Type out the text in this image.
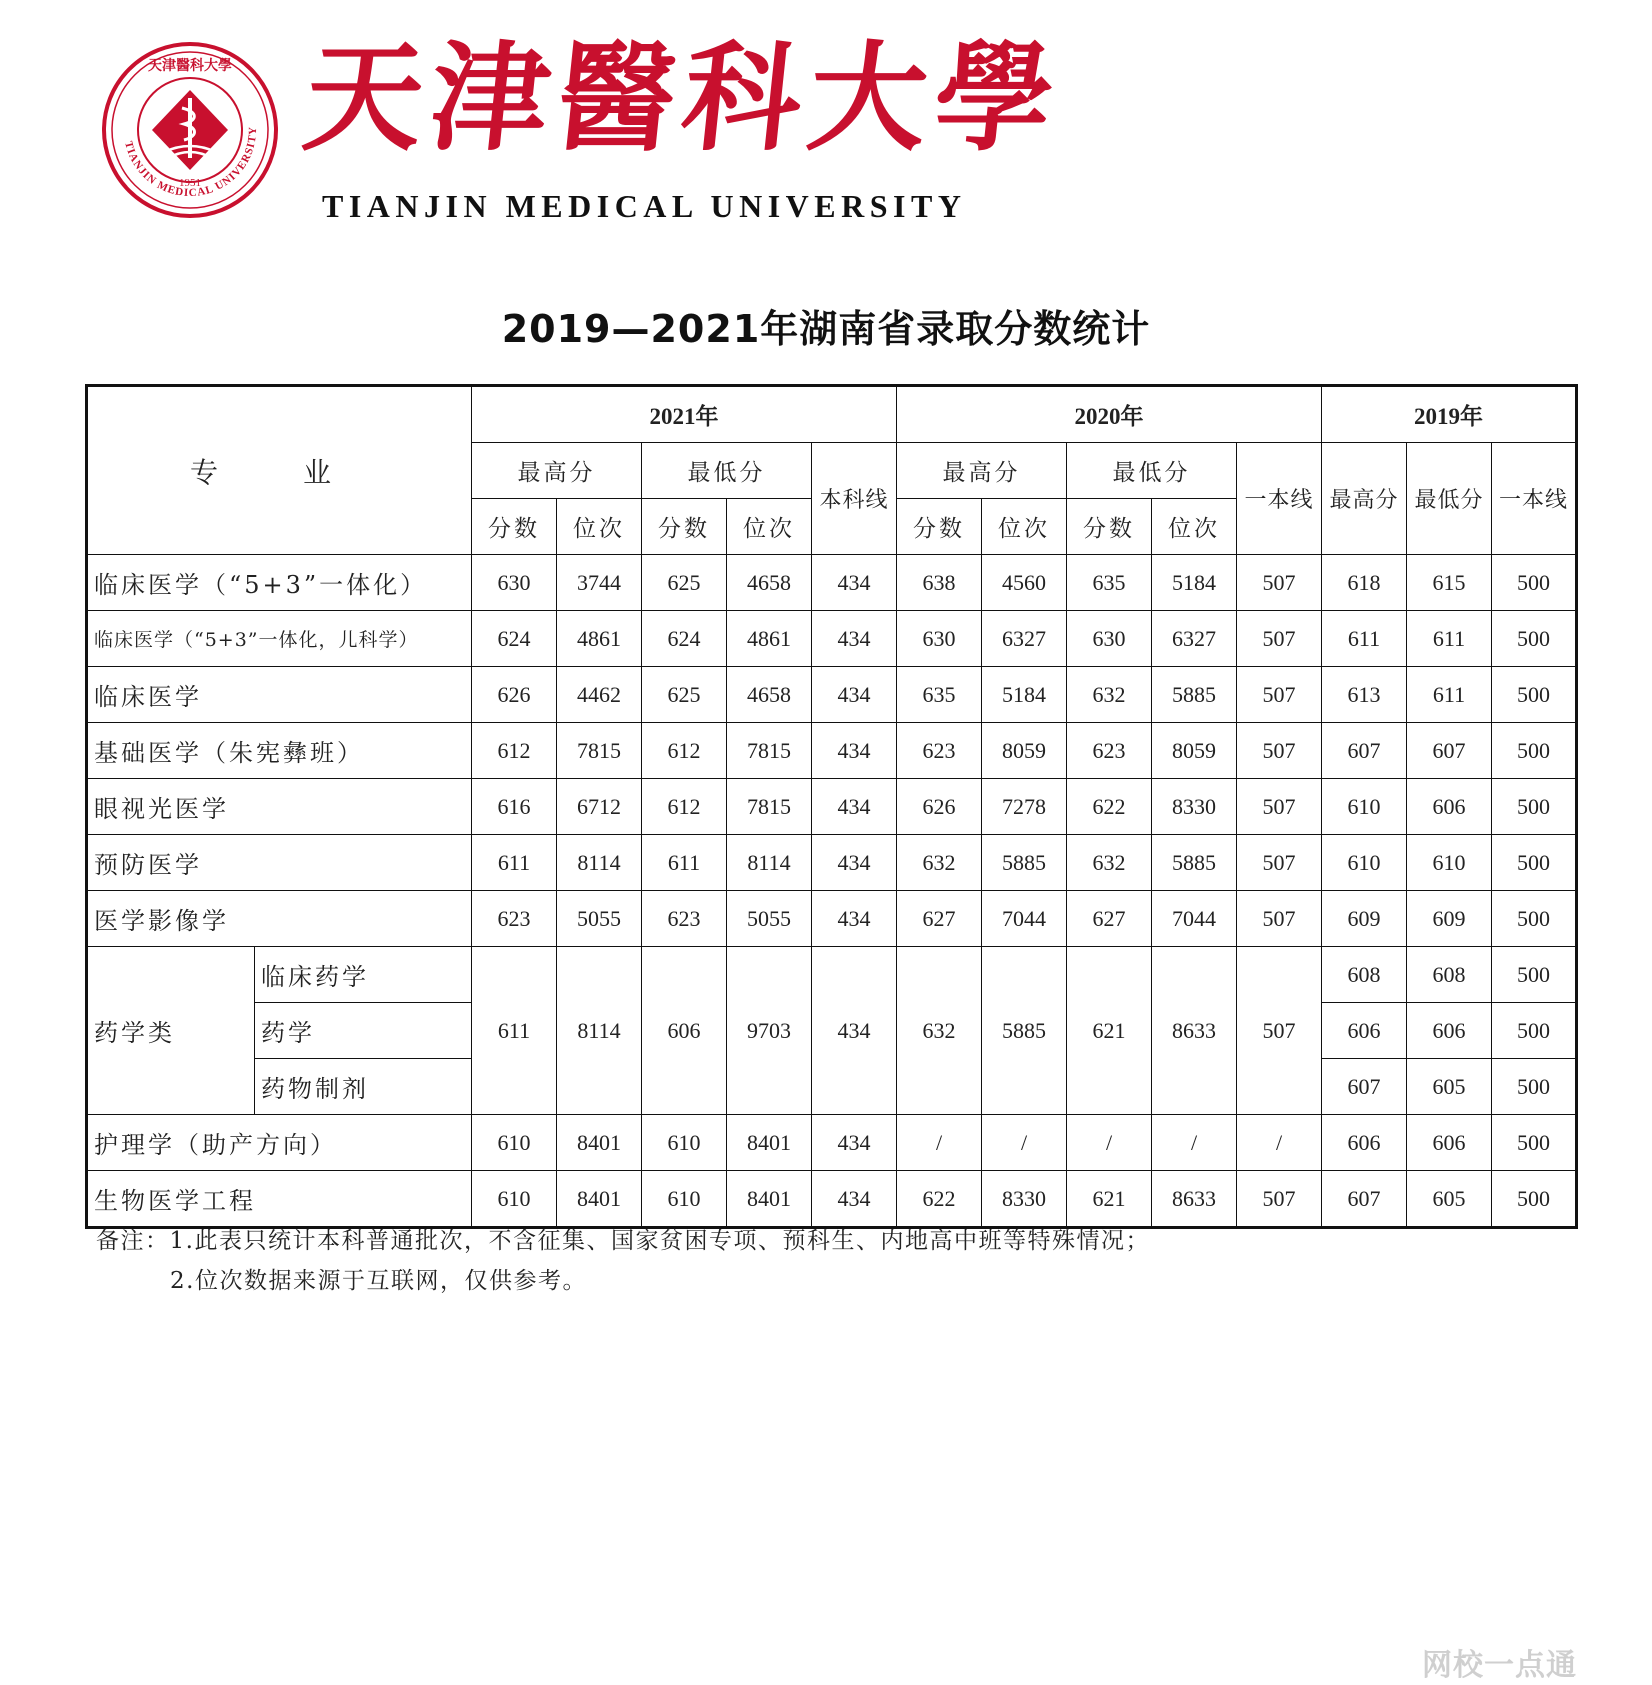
TIANJIN MEDICAL UNIVERSITY
天津醫科大學
1951
天津醫科大學
TIANJIN MEDICAL UNIVERSITY
2019—2021年湖南省录取分数统计
专 业		2021年					2020年					2019年		
		最高分		最低分		本科线	最高分		最低分		一本线	最高分	最低分	一本线
		分数	位次	分数	位次		分数	位次	分数	位次				
临床医学（“5+3”一体化）		630	3744	625	4658	434	638	4560	635	5184	507	618	615	500
临床医学（“5+3”一体化，儿科学）		624	4861	624	4861	434	630	6327	630	6327	507	611	611	500
临床医学		626	4462	625	4658	434	635	5184	632	5885	507	613	611	500
基础医学（朱宪彝班）		612	7815	612	7815	434	623	8059	623	8059	507	607	607	500
眼视光医学		616	6712	612	7815	434	626	7278	622	8330	507	610	606	500
预防医学		611	8114	611	8114	434	632	5885	632	5885	507	610	610	500
医学影像学		623	5055	623	5055	434	627	7044	627	7044	507	609	609	500
药学类	临床药学	611	8114	606	9703	434	632	5885	621	8633	507	608	608	500
	药学											606	606	500
	药物制剂											607	605	500
护理学（助产方向）		610	8401	610	8401	434	/	/	/	/	/	606	606	500
生物医学工程		610	8401	610	8401	434	622	8330	621	8633	507	607	605	500
备注：1.此表只统计本科普通批次，不含征集、国家贫困专项、预科生、内地高中班等特殊情况；
2.位次数据来源于互联网，仅供参考。
网校一点通
